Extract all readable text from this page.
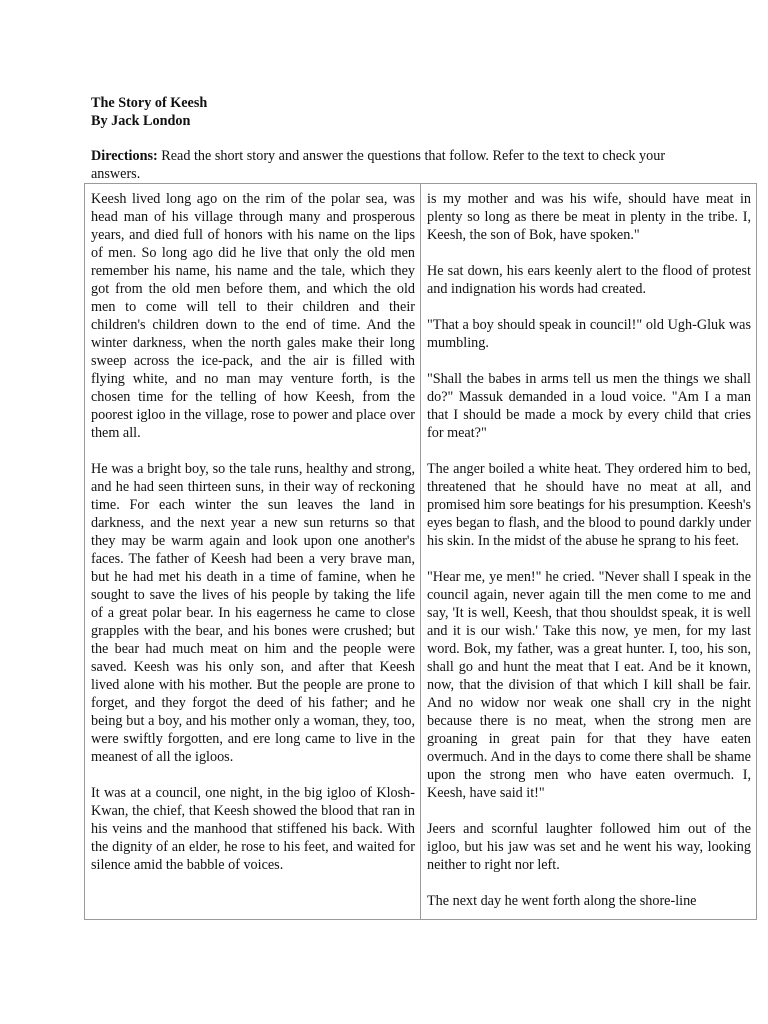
The Story of Keesh
By Jack London
Directions: Read the short story and answer the questions that follow. Refer to the text to check your answers.

Keesh lived long ago on the rim of the polar sea, was head man of his village through many and prosperous years, and died full of honors with his name on the lips of men. So long ago did he live that only the old men remember his name, his name and the tale, which they got from the old men before them, and which the old men to come will tell to their children and their children's children down to the end of time. And the winter darkness, when the north gales make their long sweep across the ice-pack, and the air is filled with flying white, and no man may venture forth, is the chosen time for the telling of how Keesh, from the poorest igloo in the village, rose to power and place over them all.

He was a bright boy, so the tale runs, healthy and strong, and he had seen thirteen suns, in their way of reckoning time. For each winter the sun leaves the land in darkness, and the next year a new sun returns so that they may be warm again and look upon one another's faces. The father of Keesh had been a very brave man, but he had met his death in a time of famine, when he sought to save the lives of his people by taking the life of a great polar bear. In his eagerness he came to close grapples with the bear, and his bones were crushed; but the bear had much meat on him and the people were saved. Keesh was his only son, and after that Keesh lived alone with his mother. But the people are prone to forget, and they forgot the deed of his father; and he being but a boy, and his mother only a woman, they, too, were swiftly forgotten, and ere long came to live in the meanest of all the igloos.

It was at a council, one night, in the big igloo of Klosh-Kwan, the chief, that Keesh showed the blood that ran in his veins and the manhood that stiffened his back. With the dignity of an elder, he rose to his feet, and waited for silence amid the babble of voices.

is my mother and was his wife, should have meat in plenty so long as there be meat in plenty in the tribe. I, Keesh, the son of Bok, have spoken."

He sat down, his ears keenly alert to the flood of protest and indignation his words had created.

"That a boy should speak in council!" old Ugh-Gluk was mumbling.

"Shall the babes in arms tell us men the things we shall do?" Massuk demanded in a loud voice. "Am I a man that I should be made a mock by every child that cries for meat?"

The anger boiled a white heat. They ordered him to bed, threatened that he should have no meat at all, and promised him sore beatings for his presumption. Keesh's eyes began to flash, and the blood to pound darkly under his skin. In the midst of the abuse he sprang to his feet.

"Hear me, ye men!" he cried. "Never shall I speak in the council again, never again till the men come to me and say, 'It is well, Keesh, that thou shouldst speak, it is well and it is our wish.' Take this now, ye men, for my last word. Bok, my father, was a great hunter. I, too, his son, shall go and hunt the meat that I eat. And be it known, now, that the division of that which I kill shall be fair. And no widow nor weak one shall cry in the night because there is no meat, when the strong men are groaning in great pain for that they have eaten overmuch. And in the days to come there shall be shame upon the strong men who have eaten overmuch. I, Keesh, have said it!"

Jeers and scornful laughter followed him out of the igloo, but his jaw was set and he went his way, looking neither to right nor left.

The next day he went forth along the shore-line
